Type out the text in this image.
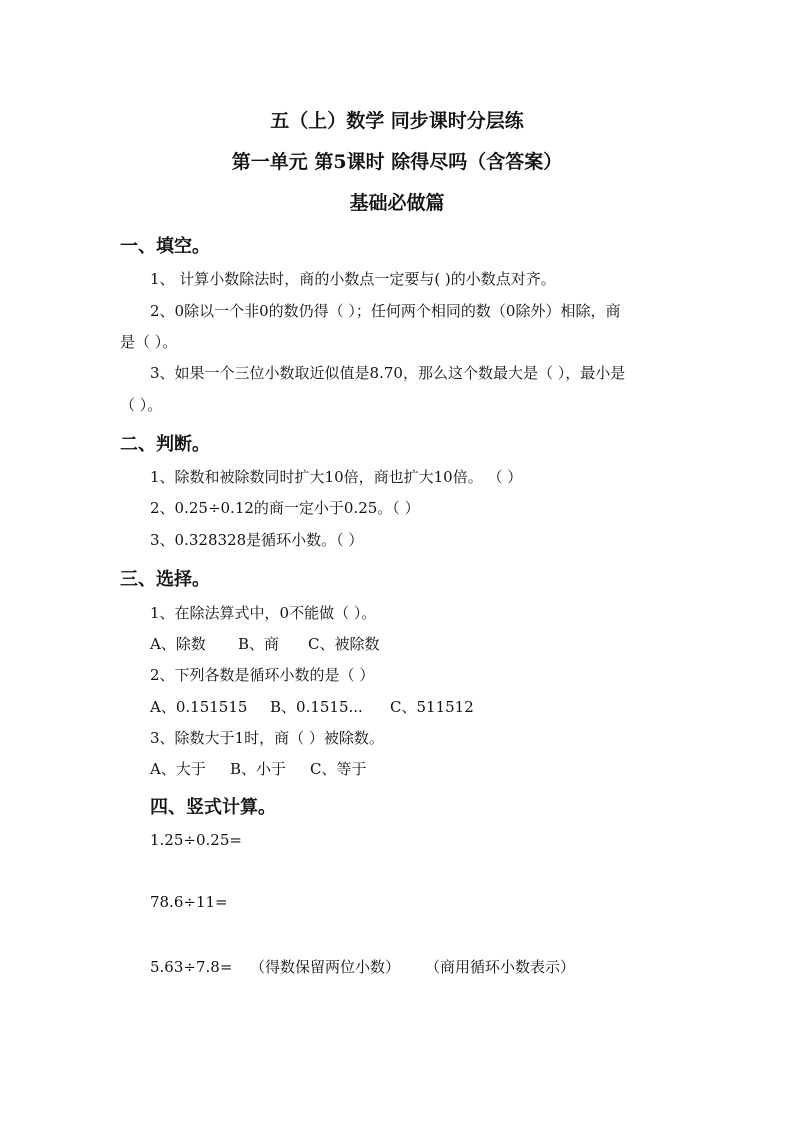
五（上）数学 同步课时分层练
第一单元 第5课时 除得尽吗（含答案）
基础必做篇
一、填空。
1、 计算小数除法时，商的小数点一定要与( )的小数点对齐。
2、0除以一个非0的数仍得（ ）；任何两个相同的数（0除外）相除，商
是（ ）。
3、如果一个三位小数取近似值是8.70，那么这个数最大是（ ），最小是
（ ）。
二、判断。
1、除数和被除数同时扩大10倍，商也扩大10倍。 （ ）
2、0.25÷0.12的商一定小于0.25。（ ）
3、0.328328是循环小数。（ ）
三、选择。
1、在除法算式中，0不能做（ ）。
A、除数 B、商 C、被除数
2、下列各数是循环小数的是（ ）
A、0.151515 B、0.1515... C、511512
3、除数大于1时，商（ ）被除数。
A、大于 B、小于 C、等于
四、竖式计算。
1.25÷0.25=
78.6÷11=
5.63÷7.8= （得数保留两位小数） （商用循环小数表示）
